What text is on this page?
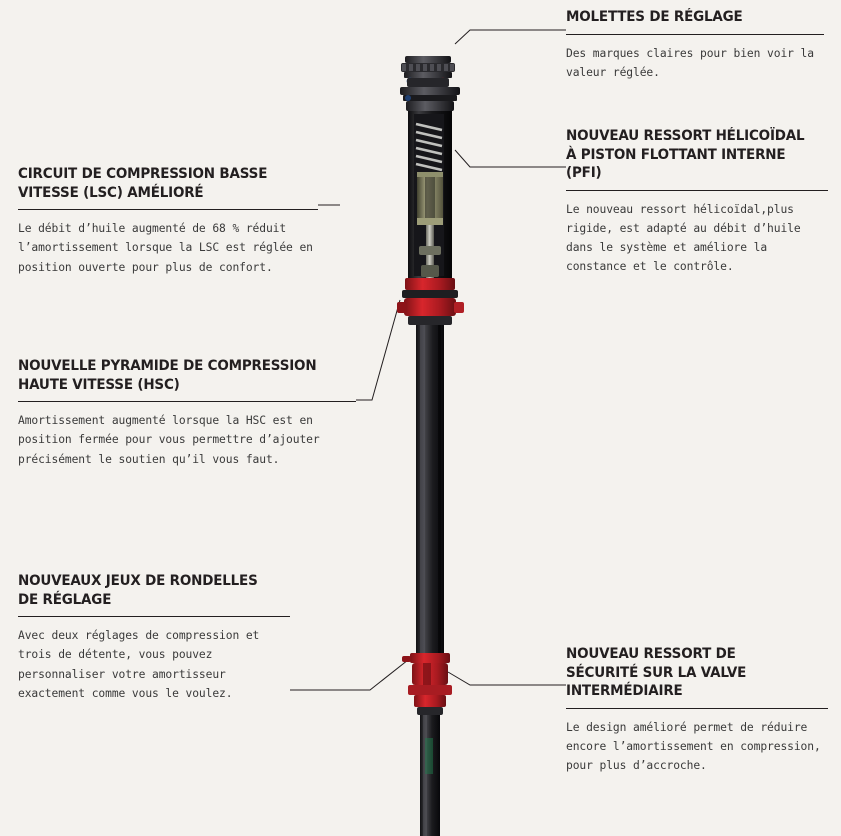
CIRCUIT DE COMPRESSION BASSE VITESSE (LSC) AMÉLIORÉ
Le débit d’huile augmenté de 68 % réduit l’amortissement lorsque la LSC est réglée en position ouverte pour plus de confort.
NOUVELLE PYRAMIDE DE COMPRESSION HAUTE VITESSE (HSC)
Amortissement augmenté lorsque la HSC est en position fermée pour vous permettre d’ajouter précisément le soutien qu’il vous faut.
NOUVEAUX JEUX DE RONDELLES DE RÉGLAGE
Avec deux réglages de compression et trois de détente, vous pouvez personnaliser votre amortisseur exactement comme vous le voulez.
MOLETTES DE RÉGLAGE
Des marques claires pour bien voir la valeur réglée.
NOUVEAU RESSORT HÉLICOÏDAL À PISTON FLOTTANT INTERNE (PFI)
Le nouveau ressort hélicoïdal,plus rigide, est adapté au débit d’huile dans le système et améliore la constance et le contrôle.
NOUVEAU RESSORT DE SÉCURITÉ SUR LA VALVE INTERMÉDIAIRE
Le design amélioré permet de réduire encore l’amortissement en compression, pour plus d’accroche.
